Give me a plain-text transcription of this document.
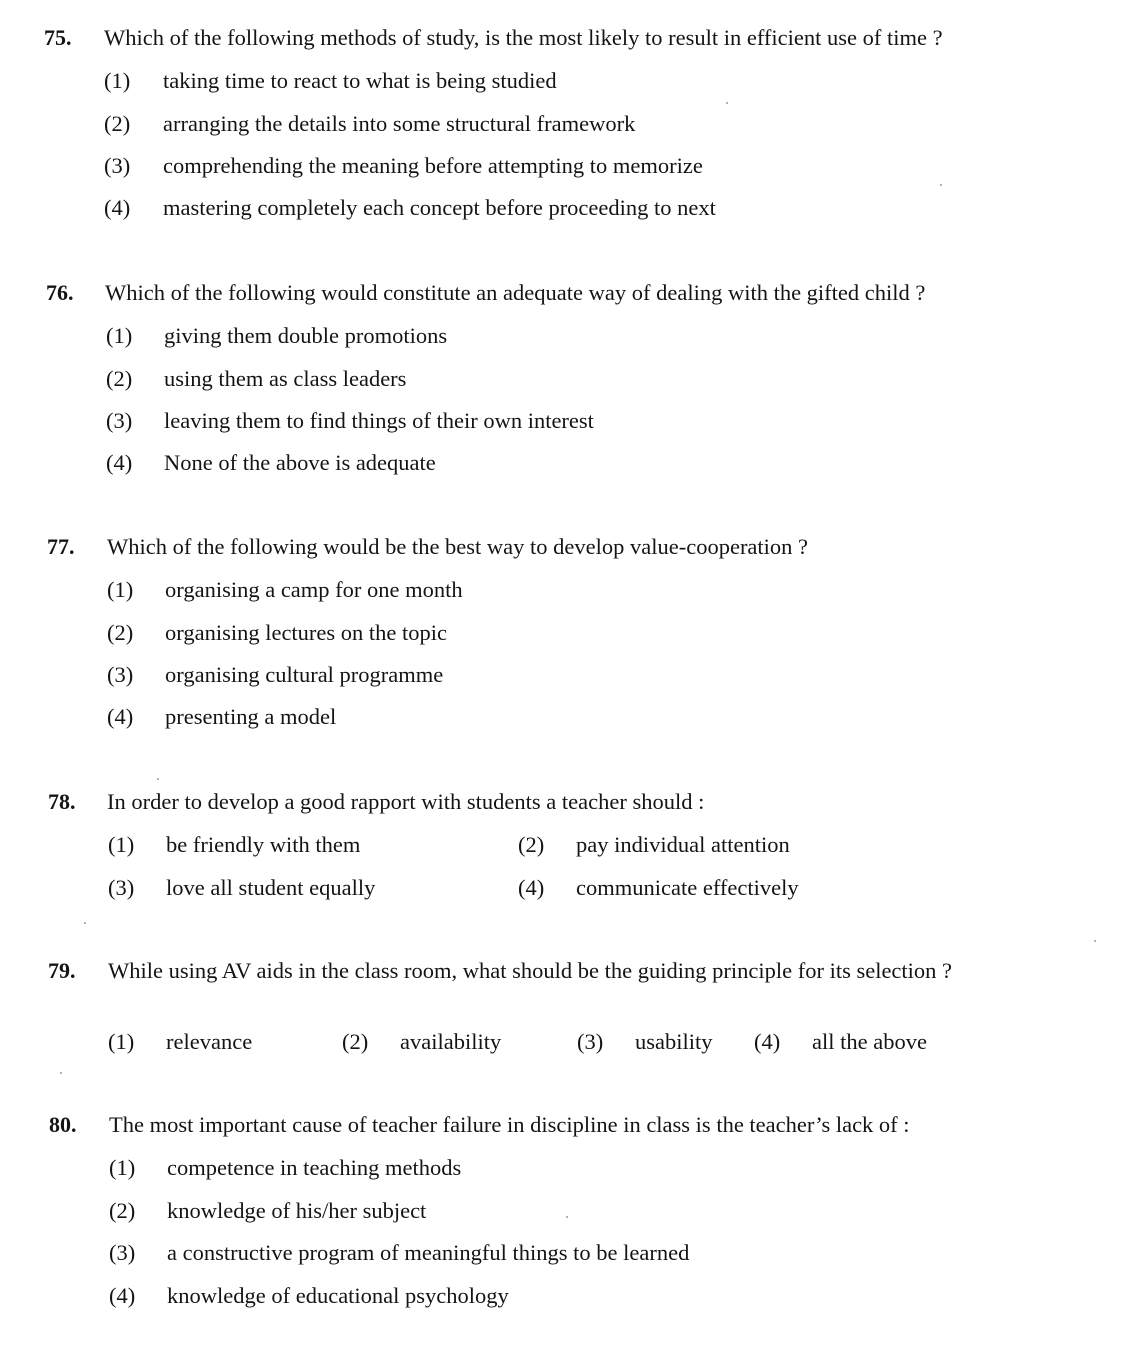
75. Which of the following methods of study, is the most likely to result in efficient use of time ?
(1) taking time to react to what is being studied
(2) arranging the details into some structural framework
(3) comprehending the meaning before attempting to memorize
(4) mastering completely each concept before proceeding to next
76. Which of the following would constitute an adequate way of dealing with the gifted child ?
(1) giving them double promotions
(2) using them as class leaders
(3) leaving them to find things of their own interest
(4) None of the above is adequate
77. Which of the following would be the best way to develop value-cooperation ?
(1) organising a camp for one month
(2) organising lectures on the topic
(3) organising cultural programme
(4) presenting a model
78. In order to develop a good rapport with students a teacher should :
(1) be friendly with them	(2) pay individual attention
(3) love all student equally	(4) communicate effectively
79. While using AV aids in the class room, what should be the guiding principle for its selection ?
(1) relevance	(2) availability	(3) usability (4) all the above
80. The most important cause of teacher failure in discipline in class is the teacher’s lack of :
(1) competence in teaching methods
(2) knowledge of his/her subject
(3) a constructive program of meaningful things to be learned
(4) knowledge of educational psychology
